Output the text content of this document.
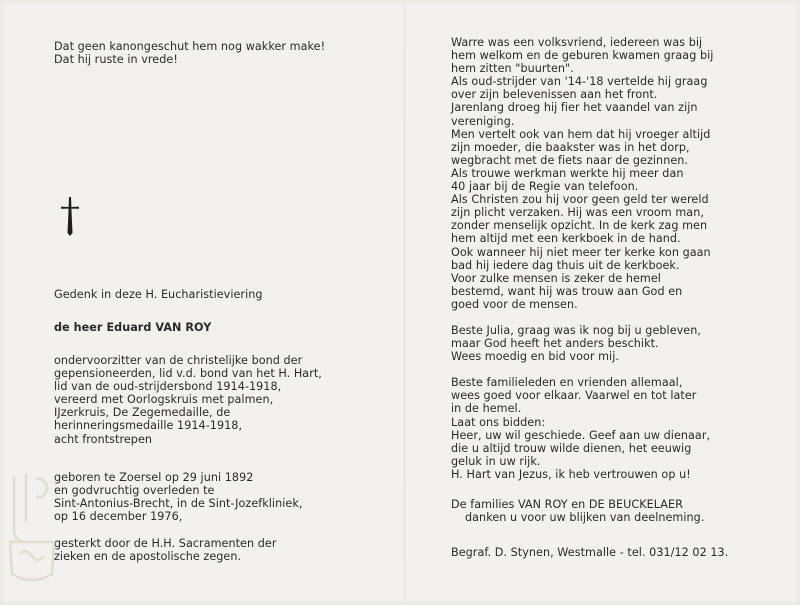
Dat geen kanongeschut hem nog wakker make!
Dat hij ruste in vrede!
Gedenk in deze H. Eucharistieviering
de heer Eduard VAN ROY
ondervoorzitter van de christelijke bond der
gepensioneerden, lid v.d. bond van het H. Hart,
lid van de oud-strijdersbond 1914-1918,
vereerd met Oorlogskruis met palmen,
IJzerkruis, De Zegemedaille, de
herinneringsmedaille 1914-1918,
acht frontstrepen
geboren te Zoersel op 29 juni 1892
en godvruchtig overleden te
Sint-Antonius-Brecht, in de Sint-Jozefkliniek,
op 16 december 1976,
gesterkt door de H.H. Sacramenten der
zieken en de apostolische zegen.
Warre was een volksvriend, iedereen was bij
hem welkom en de geburen kwamen graag bij
hem zitten "buurten".
Als oud-strijder van '14-'18 vertelde hij graag
over zijn belevenissen aan het front.
Jarenlang droeg hij fier het vaandel van zijn
vereniging.
Men vertelt ook van hem dat hij vroeger altijd
zijn moeder, die baakster was in het dorp,
wegbracht met de fiets naar de gezinnen.
Als trouwe werkman werkte hij meer dan
40 jaar bij de Regie van telefoon.
Als Christen zou hij voor geen geld ter wereld
zijn plicht verzaken. Hij was een vroom man,
zonder menselijk opzicht. In de kerk zag men
hem altijd met een kerkboek in de hand.
Ook wanneer hij niet meer ter kerke kon gaan
bad hij iedere dag thuis uit de kerkboek.
Voor zulke mensen is zeker de hemel
bestemd, want hij was trouw aan God en
goed voor de mensen.
Beste Julia, graag was ik nog bij u gebleven,
maar God heeft het anders beschikt.
Wees moedig en bid voor mij.
Beste familieleden en vrienden allemaal,
wees goed voor elkaar. Vaarwel en tot later
in de hemel.
Laat ons bidden:
Heer, uw wil geschiede. Geef aan uw dienaar,
die u altijd trouw wilde dienen, het eeuwig
geluk in uw rijk.
H. Hart van Jezus, ik heb vertrouwen op u!
De families VAN ROY en DE BEUCKELAER
danken u voor uw blijken van deelneming.
Begraf. D. Stynen, Westmalle - tel. 031/12 02 13.
